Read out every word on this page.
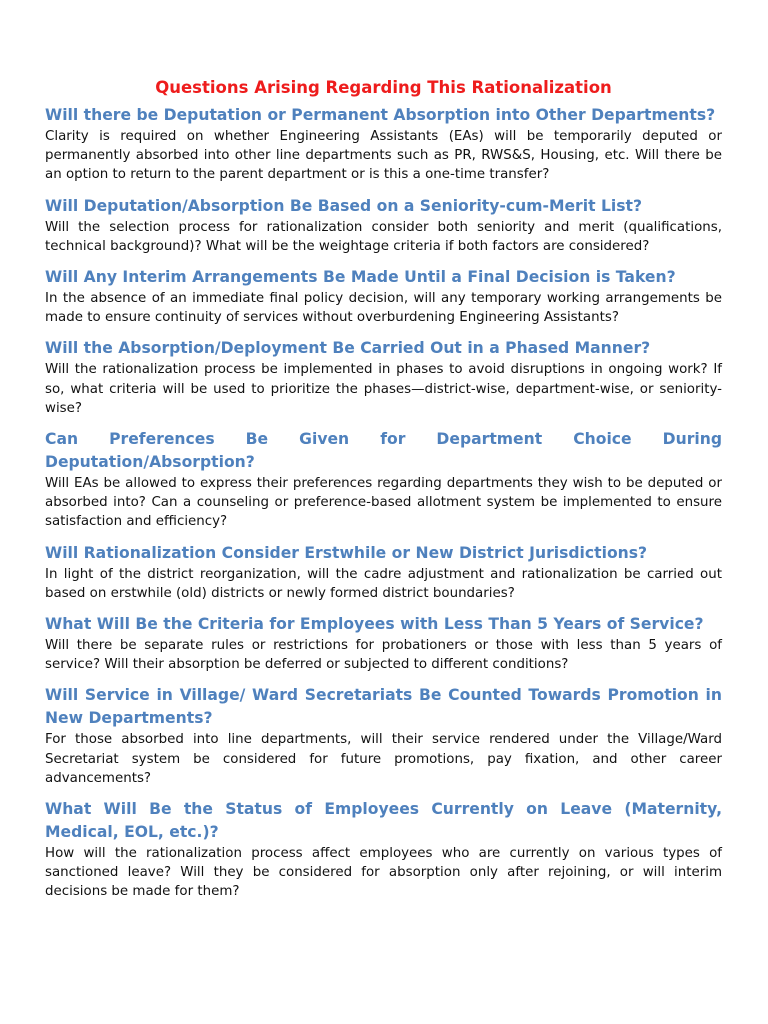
Questions Arising Regarding This Rationalization
Will there be Deputation or Permanent Absorption into Other Departments?

Clarity is required on whether Engineering Assistants (EAs) will be temporarily deputed or permanently absorbed into other line departments such as PR, RWS&S, Housing, etc. Will there be an option to return to the parent department or is this a one-time transfer?

Will Deputation/Absorption Be Based on a Seniority-cum-Merit List?

Will the selection process for rationalization consider both seniority and merit (qualifications, technical background)? What will be the weightage criteria if both factors are considered?

Will Any Interim Arrangements Be Made Until a Final Decision is Taken?

In the absence of an immediate final policy decision, will any temporary working arrangements be made to ensure continuity of services without overburdening Engineering Assistants?

Will the Absorption/Deployment Be Carried Out in a Phased Manner?

Will the rationalization process be implemented in phases to avoid disruptions in ongoing work? If so, what criteria will be used to prioritize the phases—district-wise, department-wise, or seniority-wise?

Can Preferences Be Given for Department Choice During Deputation/Absorption?

Will EAs be allowed to express their preferences regarding departments they wish to be deputed or absorbed into? Can a counseling or preference-based allotment system be implemented to ensure satisfaction and efficiency?

Will Rationalization Consider Erstwhile or New District Jurisdictions?

In light of the district reorganization, will the cadre adjustment and rationalization be carried out based on erstwhile (old) districts or newly formed district boundaries?

What Will Be the Criteria for Employees with Less Than 5 Years of Service?

Will there be separate rules or restrictions for probationers or those with less than 5 years of service? Will their absorption be deferred or subjected to different conditions?

Will Service in Village/ Ward Secretariats Be Counted Towards Promotion in New Departments?

For those absorbed into line departments, will their service rendered under the Village/Ward Secretariat system be considered for future promotions, pay fixation, and other career advancements?

What Will Be the Status of Employees Currently on Leave (Maternity, Medical, EOL, etc.)?

How will the rationalization process affect employees who are currently on various types of sanctioned leave? Will they be considered for absorption only after rejoining, or will interim decisions be made for them?
